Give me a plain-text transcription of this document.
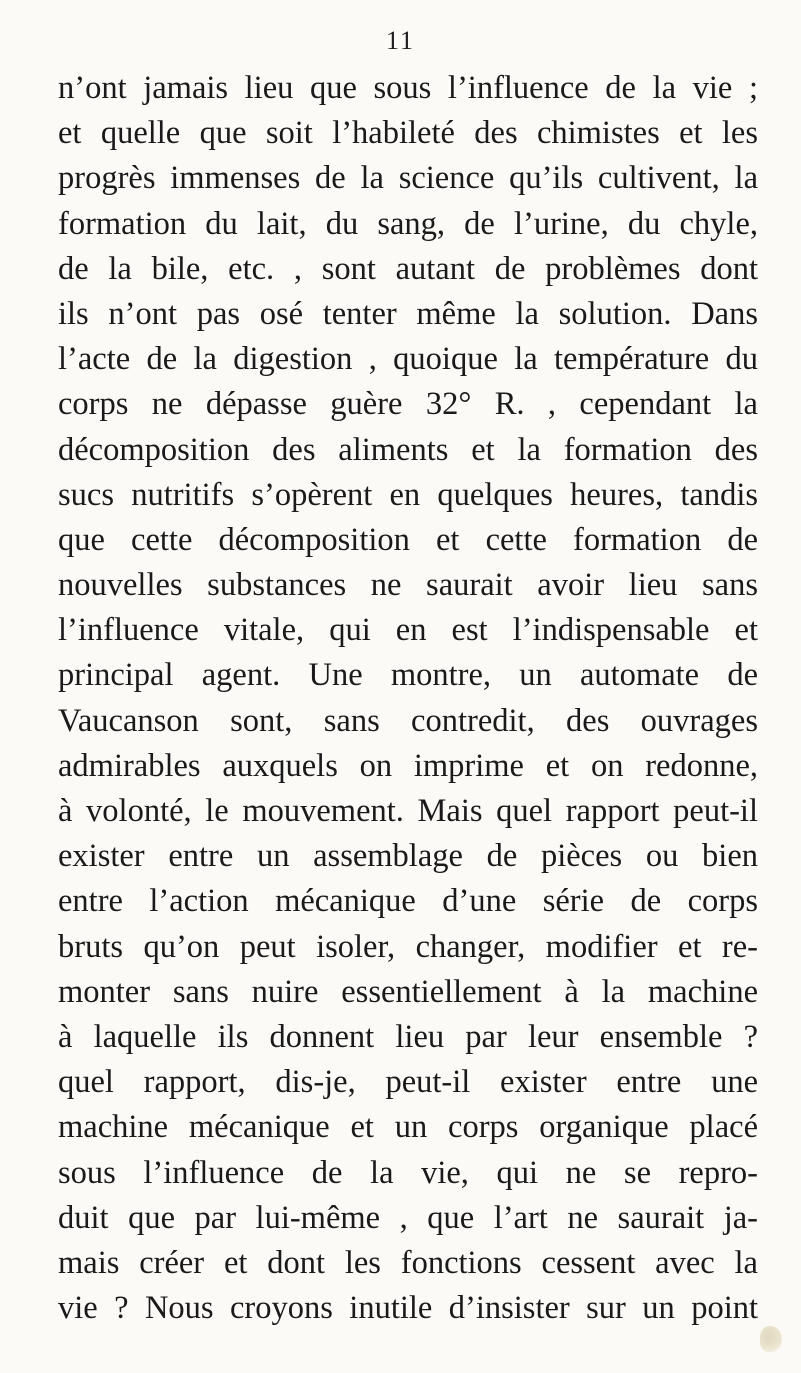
11
n’ont jamais lieu que sous l’influence de la vie ;
et quelle que soit l’habileté des chimistes et les
progrès immenses de la science qu’ils cultivent, la
formation du lait, du sang, de l’urine, du chyle,
de la bile, etc. , sont autant de problèmes dont
ils n’ont pas osé tenter même la solution. Dans
l’acte de la digestion , quoique la température du
corps ne dépasse guère 32° R. , cependant la
décomposition des aliments et la formation des
sucs nutritifs s’opèrent en quelques heures, tandis
que cette décomposition et cette formation de
nouvelles substances ne saurait avoir lieu sans
l’influence vitale, qui en est l’indispensable et
principal agent. Une montre, un automate de
Vaucanson sont, sans contredit, des ouvrages
admirables auxquels on imprime et on redonne,
à volonté, le mouvement. Mais quel rapport peut-il
exister entre un assemblage de pièces ou bien
entre l’action mécanique d’une série de corps
bruts qu’on peut isoler, changer, modifier et re-
monter sans nuire essentiellement à la machine
à laquelle ils donnent lieu par leur ensemble ?
quel rapport, dis-je, peut-il exister entre une
machine mécanique et un corps organique placé
sous l’influence de la vie, qui ne se repro-
duit que par lui-même , que l’art ne saurait ja-
mais créer et dont les fonctions cessent avec la
vie ? Nous croyons inutile d’insister sur un point
